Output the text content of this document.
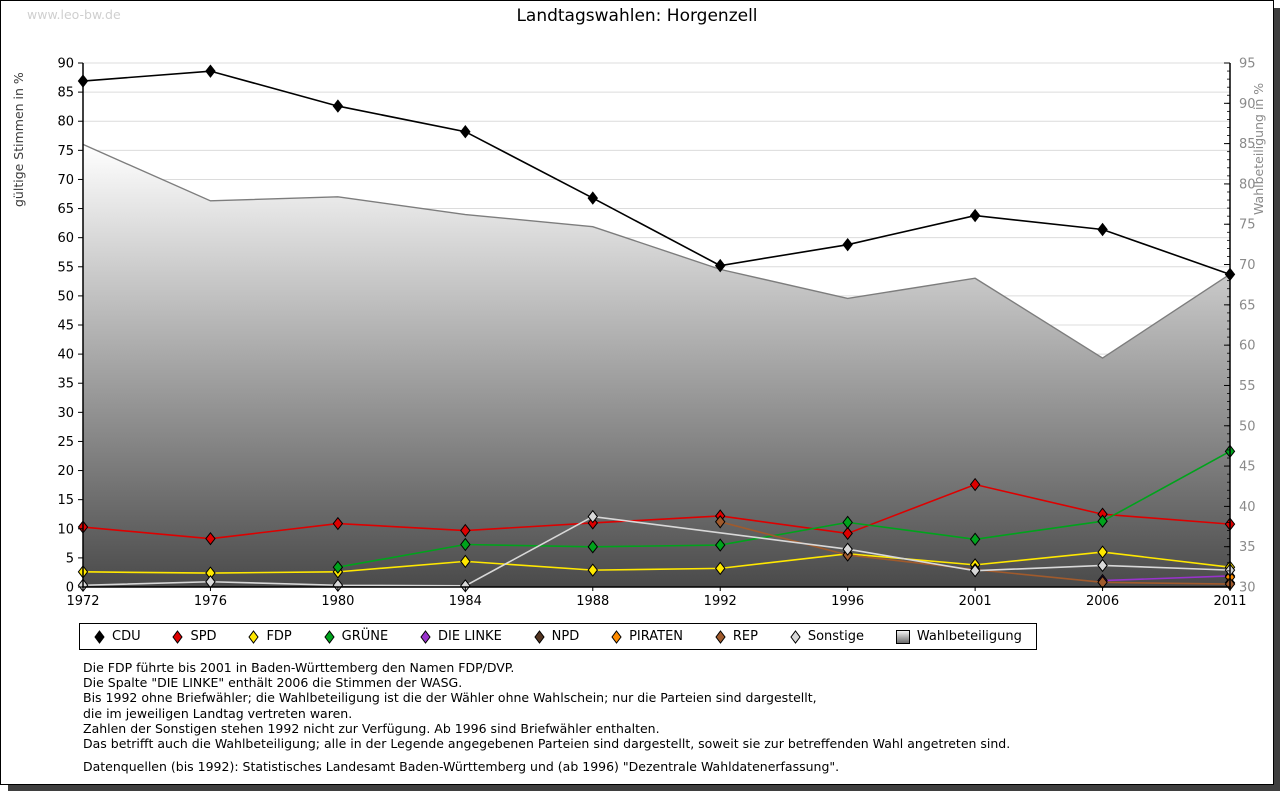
www.leo-bw.de	Landtagswahlen: Horgenzell
0
5
10
15
20
25
30
35
40
45
50
55
60
65
70
75
80
85
90
30
35
40
45
50
55
60
65
70
75
80
85
90
95
1972	1976	1980	1984	1988	1992	1996	2001	2006	2011
gültige Stimmen in %	Wahlbeteiligung in %
CDU	SPD	FDP	GRÜNE	DIE LINKE	NPD	PIRATEN	REP	Sonstige	Wahlbeteiligung
Die FDP führte bis 2001 in Baden-Württemberg den Namen FDP/DVP.
Die Spalte "DIE LINKE" enthält 2006 die Stimmen der WASG.
Bis 1992 ohne Briefwähler; die Wahlbeteiligung ist die der Wähler ohne Wahlschein; nur die Parteien sind dargestellt,
die im jeweiligen Landtag vertreten waren.
Zahlen der Sonstigen stehen 1992 nicht zur Verfügung. Ab 1996 sind Briefwähler enthalten.
Das betrifft auch die Wahlbeteiligung; alle in der Legende angegebenen Parteien sind dargestellt, soweit sie zur betreffenden Wahl angetreten sind.
Datenquellen (bis 1992): Statistisches Landesamt Baden-Württemberg und (ab 1996) "Dezentrale Wahldatenerfassung".
